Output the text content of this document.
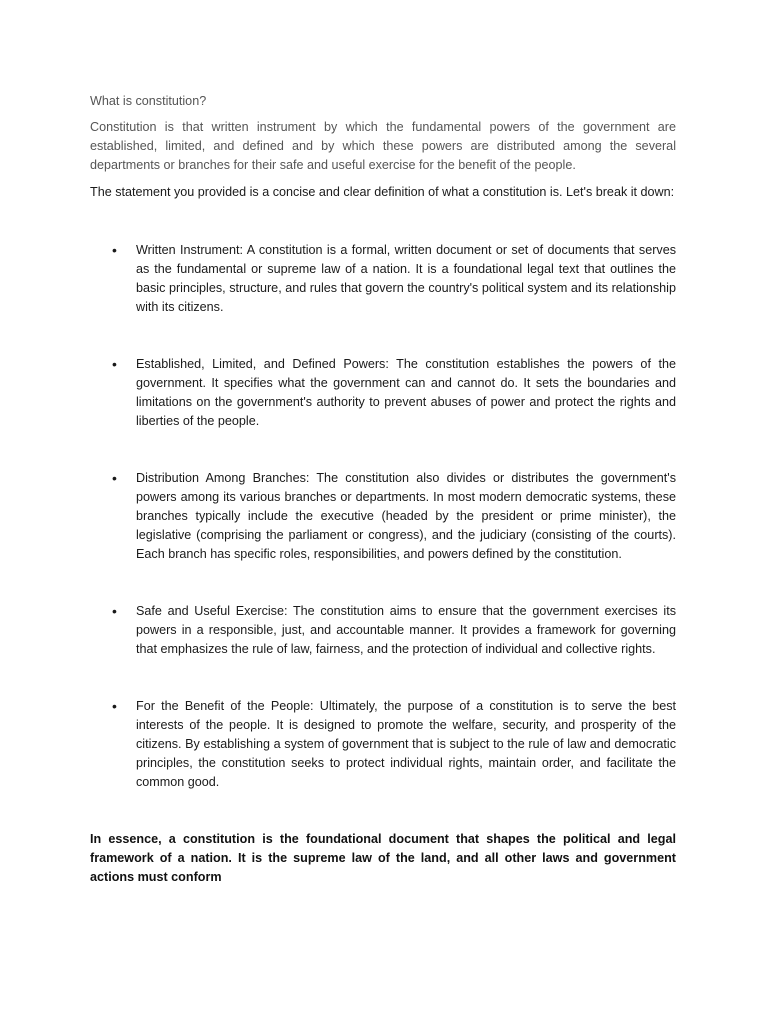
What is constitution?

Constitution is that written instrument by which the fundamental powers of the government are established, limited, and defined and by which these powers are distributed among the several departments or branches for their safe and useful exercise for the benefit of the people.

The statement you provided is a concise and clear definition of what a constitution is. Let's break it down:

• Written Instrument: A constitution is a formal, written document or set of documents that serves as the fundamental or supreme law of a nation. It is a foundational legal text that outlines the basic principles, structure, and rules that govern the country's political system and its relationship with its citizens.
• Established, Limited, and Defined Powers: The constitution establishes the powers of the government. It specifies what the government can and cannot do. It sets the boundaries and limitations on the government's authority to prevent abuses of power and protect the rights and liberties of the people.
• Distribution Among Branches: The constitution also divides or distributes the government's powers among its various branches or departments. In most modern democratic systems, these branches typically include the executive (headed by the president or prime minister), the legislative (comprising the parliament or congress), and the judiciary (consisting of the courts). Each branch has specific roles, responsibilities, and powers defined by the constitution.
• Safe and Useful Exercise: The constitution aims to ensure that the government exercises its powers in a responsible, just, and accountable manner. It provides a framework for governing that emphasizes the rule of law, fairness, and the protection of individual and collective rights.
• For the Benefit of the People: Ultimately, the purpose of a constitution is to serve the best interests of the people. It is designed to promote the welfare, security, and prosperity of the citizens. By establishing a system of government that is subject to the rule of law and democratic principles, the constitution seeks to protect individual rights, maintain order, and facilitate the common good.

In essence, a constitution is the foundational document that shapes the political and legal framework of a nation. It is the supreme law of the land, and all other laws and government actions must conform
